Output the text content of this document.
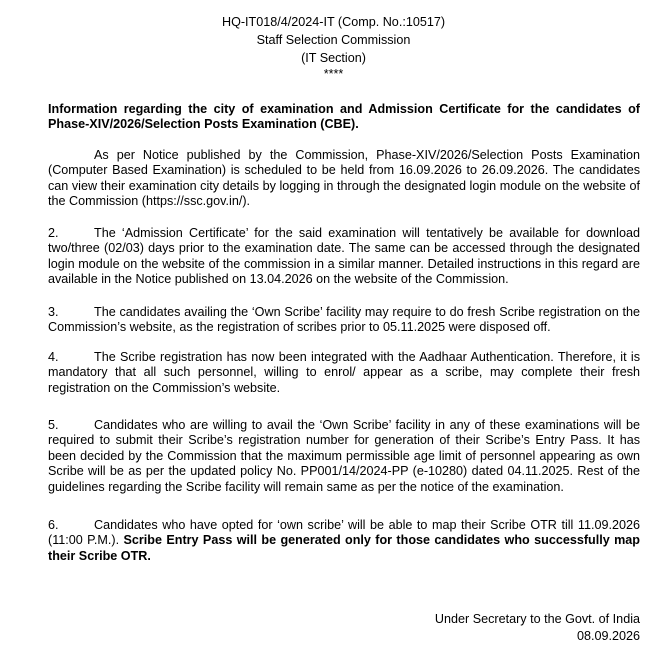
HQ-IT018/4/2024-IT (Comp. No.:10517)
Staff Selection Commission
(IT Section)
****
Information regarding the city of examination and Admission Certificate for the candidates of Phase-XIV/2026/Selection Posts Examination (CBE).
As per Notice published by the Commission, Phase-XIV/2026/Selection Posts Examination (Computer Based Examination) is scheduled to be held from 16.09.2026 to 26.09.2026. The candidates can view their examination city details by logging in through the designated login module on the website of the Commission (https://ssc.gov.in/).
2.	The ‘Admission Certificate’ for the said examination will tentatively be available for download two/three (02/03) days prior to the examination date. The same can be accessed through the designated login module on the website of the commission in a similar manner. Detailed instructions in this regard are available in the Notice published on 13.04.2026 on the website of the Commission.
3.	The candidates availing the ‘Own Scribe’ facility may require to do fresh Scribe registration on the Commission’s website, as the registration of scribes prior to 05.11.2025 were disposed off.
4.	The Scribe registration has now been integrated with the Aadhaar Authentication. Therefore, it is mandatory that all such personnel, willing to enrol/ appear as a scribe, may complete their fresh registration on the Commission’s website.
5.	Candidates who are willing to avail the ‘Own Scribe’ facility in any of these examinations will be required to submit their Scribe’s registration number for generation of their Scribe’s Entry Pass. It has been decided by the Commission that the maximum permissible age limit of personnel appearing as own Scribe will be as per the updated policy No. PP001/14/2024-PP (e-10280) dated 04.11.2025. Rest of the guidelines regarding the Scribe facility will remain same as per the notice of the examination.
6.	Candidates who have opted for ‘own scribe’ will be able to map their Scribe OTR till 11.09.2026 (11:00 P.M.). Scribe Entry Pass will be generated only for those candidates who successfully map their Scribe OTR.
Under Secretary to the Govt. of India
08.09.2026
